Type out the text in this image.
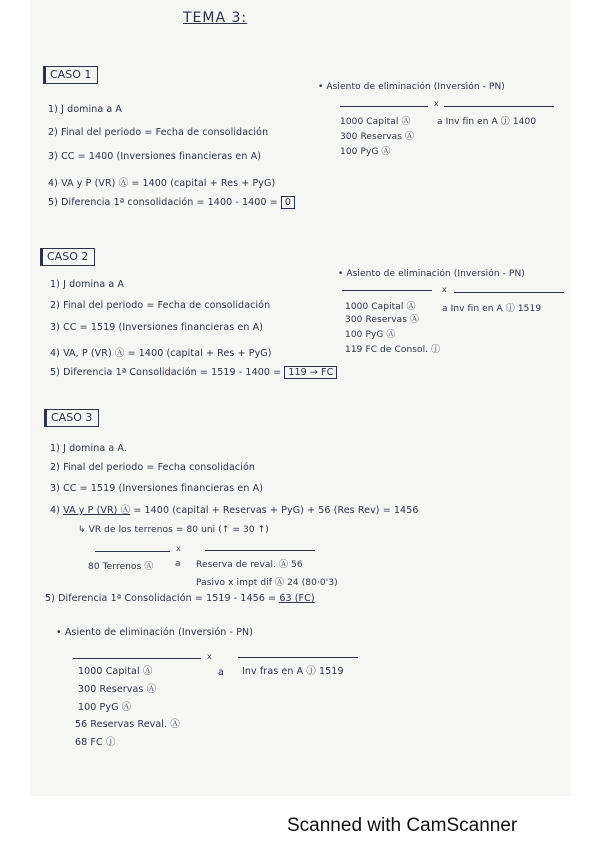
TEMA 3:
CASO 1
1) J domina a A
2) Final del periodo = Fecha de consolidación
3) CC = 1400 (Inversiones financieras en A)
4) VA y P (VR) Ⓐ = 1400 (capital + Res + PyG)
5) Diferencia 1ª consolidación = 1400 - 1400 = 0
• Asiento de eliminación (Inversión - PN)
x
1000 Capital Ⓐ
300 Reservas Ⓐ
100 PyG Ⓐ
a Inv fin en A ⓙ 1400
CASO 2
1) J domina a A
2) Final del periodo = Fecha de consolidación
3) CC = 1519 (Inversiones financieras en A)
4) VA, P (VR) Ⓐ = 1400 (capital + Res + PyG)
5) Diferencia 1ª Consolidación = 1519 - 1400 = 119 → FC
• Asiento de eliminación (Inversión - PN)
x
1000 Capital Ⓐ
300 Reservas Ⓐ
100 PyG Ⓐ
119 FC de Consol. ⓙ
a Inv fin en A ⓙ 1519
CASO 3
1) J domina a A.
2) Final del periodo = Fecha consolidación
3) CC = 1519 (Inversiones financieras en A)
4) VA y P (VR) Ⓐ = 1400 (capital + Reservas + PyG) + 56 (Res Rev) = 1456
↳ VR de los terrenos = 80 uni (↑ = 30 ↑)
x
80 Terrenos Ⓐ a Reserva de reval. Ⓐ 56
Pasivo x impt dif Ⓐ 24 (80·0'3)
5) Diferencia 1ª Consolidación = 1519 - 1456 = 63 (FC)
• Asiento de eliminación (Inversión - PN)
x
1000 Capital Ⓐ
300 Reservas Ⓐ
100 PyG Ⓐ
56 Reservas Reval. Ⓐ
68 FC ⓙ
a Inv fras en A ⓙ 1519
Scanned with CamScanner
